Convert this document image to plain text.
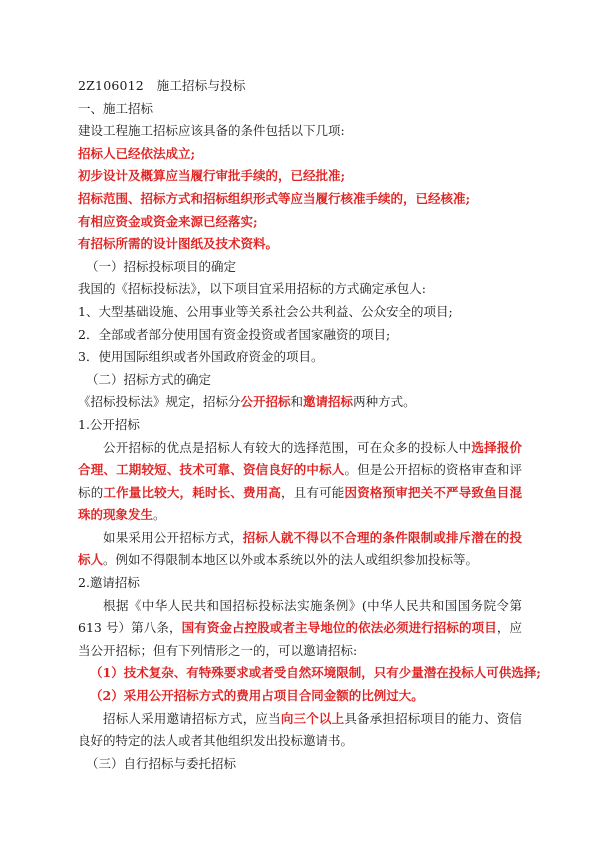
2Z106012　施工招标与投标
一、施工招标
建设工程施工招标应该具备的条件包括以下几项:
招标人已经依法成立;
初步设计及概算应当履行审批手续的，已经批准;
招标范围、招标方式和招标组织形式等应当履行核准手续的，已经核准;
有相应资金或资金来源已经落实;
有招标所需的设计图纸及技术资料。
（一）招标投标项目的确定
我国的《招标投标法》，以下项目宜采用招标的方式确定承包人:
1、大型基础设施、公用事业等关系社会公共利益、公众安全的项目;
2．全部或者部分使用国有资金投资或者国家融资的项目;
3．使用国际组织或者外国政府资金的项目。
（二）招标方式的确定
《招标投标法》规定，招标分公开招标和邀请招标两种方式。
1.公开招标
公开招标的优点是招标人有较大的选择范围，可在众多的投标人中选择报价合理、工期较短、技术可靠、资信良好的中标人。但是公开招标的资格审查和评标的工作量比较大，耗时长、费用高，且有可能因资格预审把关不严导致鱼目混珠的现象发生。
如果采用公开招标方式，招标人就不得以不合理的条件限制或排斥潜在的投标人。例如不得限制本地区以外或本系统以外的法人或组织参加投标等。
2.邀请招标
根据《中华人民共和国招标投标法实施条例》(中华人民共和国国务院令第 613 号）第八条，国有资金占控股或者主导地位的依法必须进行招标的项目，应当公开招标；但有下列情形之一的，可以邀请招标:
（1）技术复杂、有特殊要求或者受自然环境限制，只有少量潜在投标人可供选择;
（2）采用公开招标方式的费用占项目合同金额的比例过大。
招标人采用邀请招标方式，应当向三个以上具备承担招标项目的能力、资信良好的特定的法人或者其他组织发出投标邀请书。
（三）自行招标与委托招标
